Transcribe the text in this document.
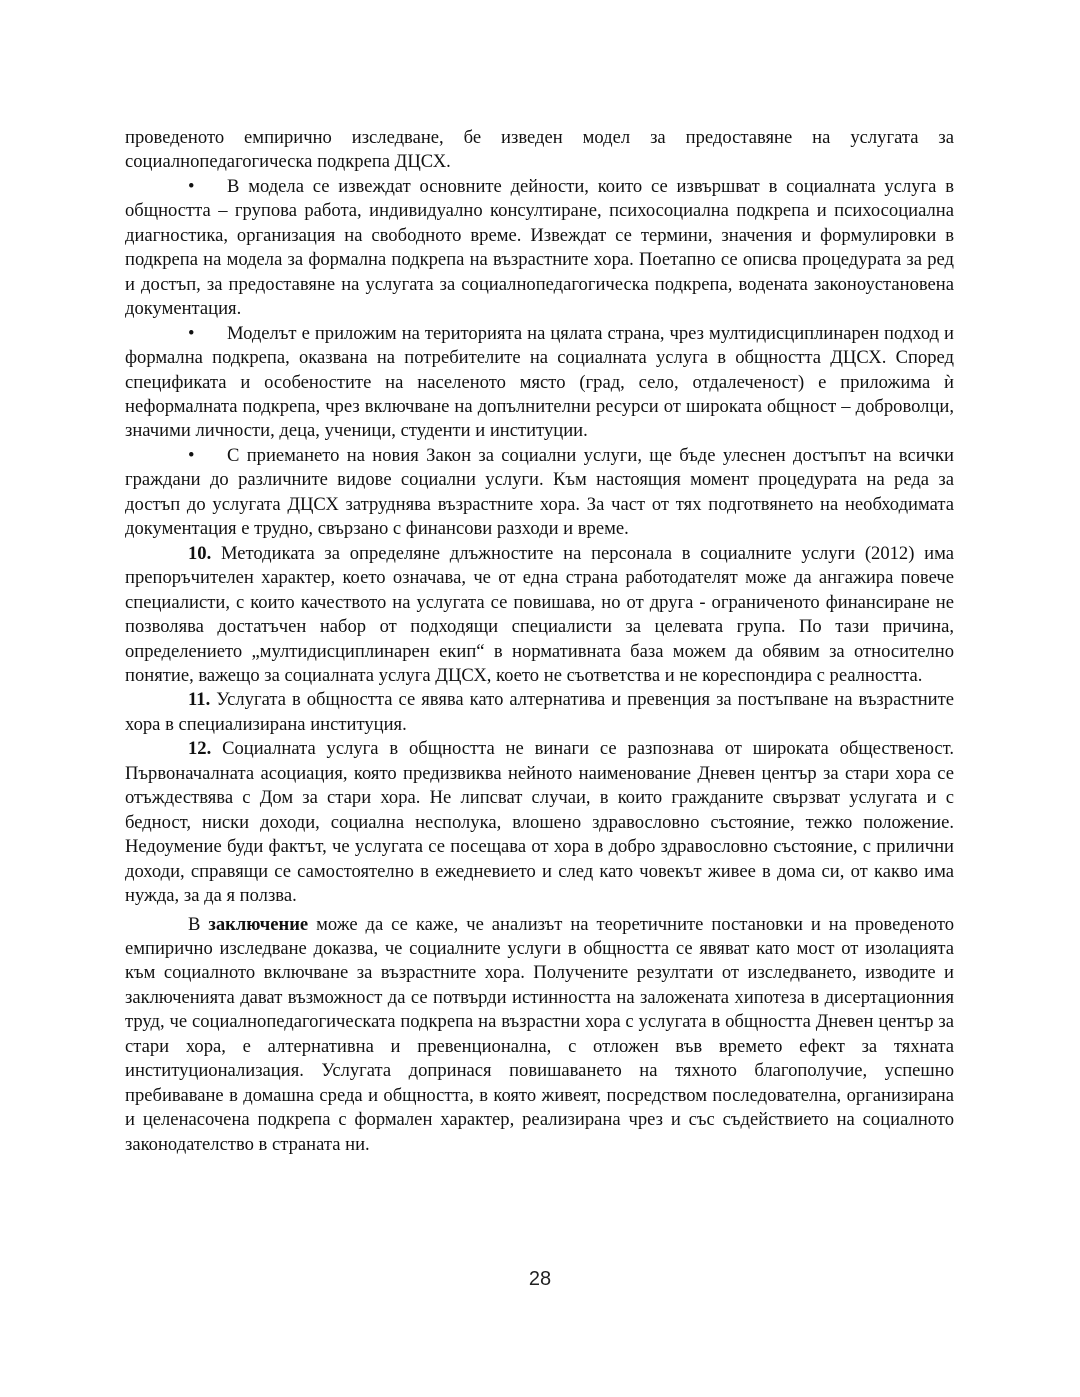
проведеното емпирично изследване, бе изведен модел за предоставяне на услугата за социалнопедагогическа подкрепа ДЦСХ.

• В модела се извеждат основните дейности, които се извършват в социалната услуга в общността – групова работа, индивидуално консултиране, психосоциална подкрепа и психосоциална диагностика, организация на свободното време. Извеждат се термини, значения и формулировки в подкрепа на модела за формална подкрепа на възрастните хора. Поетапно се описва процедурата за ред и достъп, за предоставяне на услугата за социалнопедагогическа подкрепа, водената законоустановена документация.

• Моделът е приложим на територията на цялата страна, чрез мултидисциплинарен подход и формална подкрепа, оказвана на потребителите на социалната услуга в общността ДЦСХ. Според спецификата и особеностите на населеното място (град, село, отдалеченост) е приложима ѝ неформалната подкрепа, чрез включване на допълнителни ресурси от широката общност – доброволци, значими личности, деца, ученици, студенти и институции.

• С приемането на новия Закон за социални услуги, ще бъде улеснен достъпът на всички граждани до различните видове социални услуги. Към настоящия момент процедурата на реда за достъп до услугата ДЦСХ затруднява възрастните хора. За част от тях подготвянето на необходимата документация е трудно, свързано с финансови разходи и време.

10. Методиката за определяне длъжностите на персонала в социалните услуги (2012) има препоръчителен характер, което означава, че от една страна работодателят може да ангажира повече специалисти, с които качеството на услугата се повишава, но от друга - ограниченото финансиране не позволява достатъчен набор от подходящи специалисти за целевата група. По тази причина, определението „мултидисциплинарен екип“ в нормативната база можем да обявим за относително понятие, важещо за социалната услуга ДЦСХ, което не съответства и не кореспондира с реалността.

11. Услугата в общността се явява като алтернатива и превенция за постъпване на възрастните хора в специализирана институция.

12. Социалната услуга в общността не винаги се разпознава от широката общественост. Първоначалната асоциация, която предизвиква нейното наименование Дневен център за стари хора се отъждествява с Дом за стари хора. Не липсват случаи, в които гражданите свързват услугата и с бедност, ниски доходи, социална несполука, влошено здравословно състояние, тежко положение. Недоумение буди фактът, че услугата се посещава от хора в добро здравословно състояние, с прилични доходи, справящи се самостоятелно в ежедневието и след като човекът живее в дома си, от какво има нужда, за да я ползва.

В заключение може да се каже, че анализът на теоретичните постановки и на проведеното емпирично изследване доказва, че социалните услуги в общността се явяват като мост от изолацията към социалното включване за възрастните хора. Получените резултати от изследването, изводите и заключенията дават възможност да се потвърди истинността на заложената хипотеза в дисертационния труд, че социалнопедагогическата подкрепа на възрастни хора с услугата в общността Дневен център за стари хора, е алтернативна и превенционална, с отложен във времето ефект за тяхната институционализация. Услугата допринася повишаването на тяхното благополучие, успешно пребиваване в домашна среда и общността, в която живеят, посредством последователна, организирана и целенасочена подкрепа с формален характер, реализирана чрез и със съдействието на социалното законодателство в страната ни.

28
